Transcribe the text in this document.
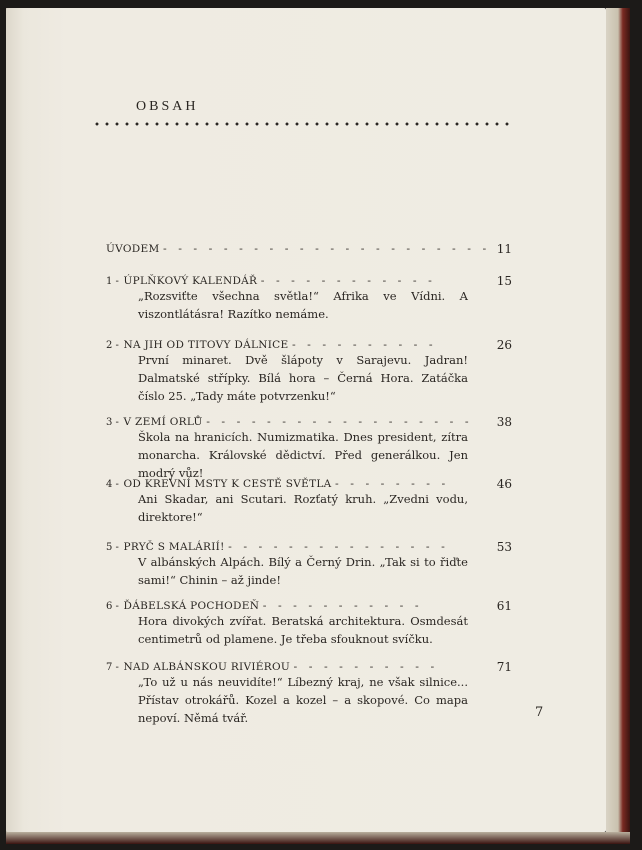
OBSAH
ÚVODEM - - - - - - - - - - - - - - - - - - - - - - 11
1 - ÚPLŇKOVÝ KALENDÁŘ - - - - - - - - - - - -	15
„Rozsviťte všechna světla!“ Afrika ve Vídni. A viszontlátásra! Razítko nemáme.
2 - NA JIH OD TITOVY DÁLNICE - - - - - - - - - -	26
První minaret. Dvě šlápoty v Sarajevu. Jadran! Dalmatské střípky. Bílá hora – Černá Hora. Zatáčka číslo 25. „Tady máte potvrzenku!“
3 - V ZEMÍ ORLŮ - - - - - - - - - - - - - - - - - - 38
Škola na hranicích. Numizmatika. Dnes president, zítra monarcha. Královské dědictví. Před generálkou. Jen modrý vůz!
4 - OD KREVNÍ MSTY K CESTĚ SVĚTLA - - - - - - - -	46
Ani Skadar, ani Scutari. Rozťatý kruh. „Zvedni vodu, direktore!“
5 - PRYČ S MALÁRIÍ! - - - - - - - - - - - - - - -	53
V albánských Alpách. Bílý a Černý Drin. „Tak si to řiďte sami!“ Chinin – až jinde!
6 - ĎÁBELSKÁ POCHODEŇ - - - - - - - - - - -	61
Hora divokých zvířat. Beratská architektura. Osmdesát centimetrů od plamene. Je třeba sfouknout svíčku.
7 - NAD ALBÁNSKOU RIVIÉROU - - - - - - - - - -	71
„To už u nás neuvidíte!“ Líbezný kraj, ne však silnice... Přístav otrokářů. Kozel a kozel – a skopové. Co mapa nepoví. Němá tvář.	7
